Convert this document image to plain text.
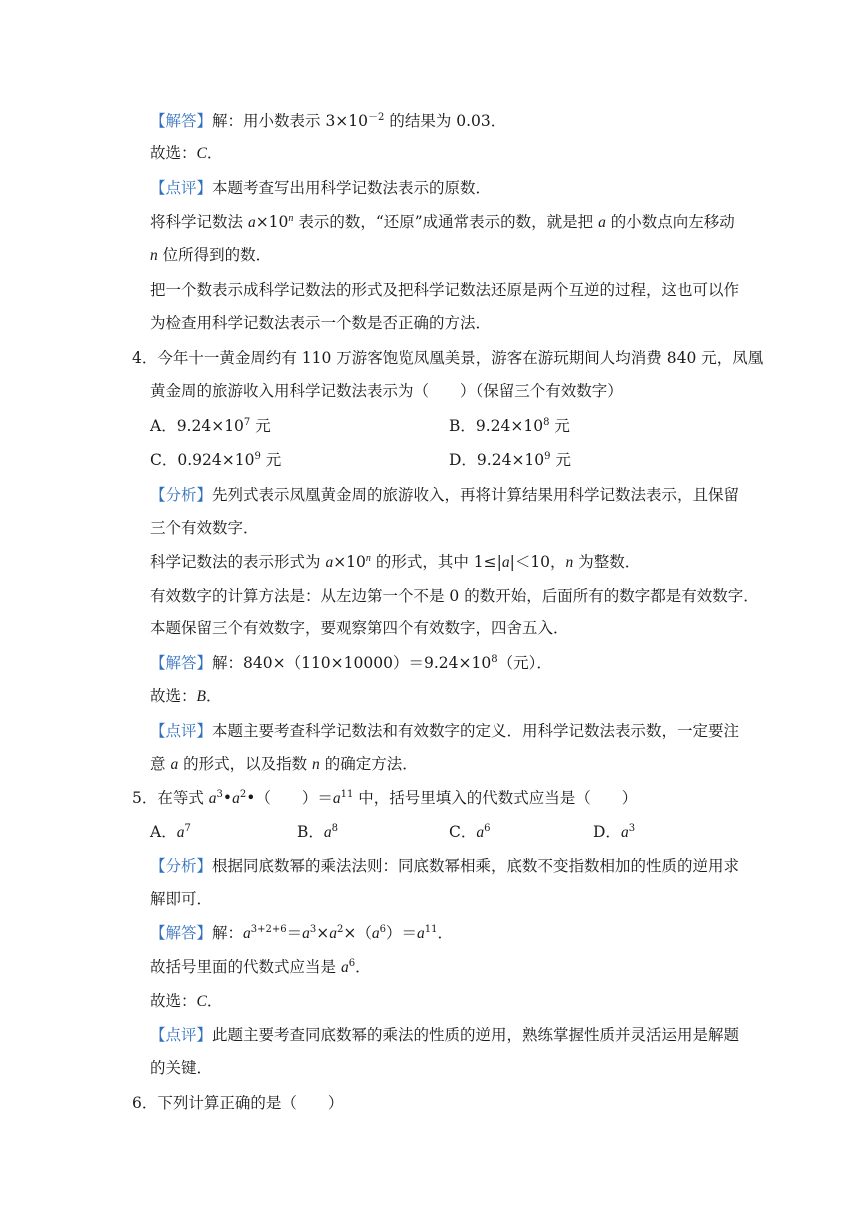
【解答】解：用小数表示 $3\times 10^{-2}$ 的结果为 0.03．
故选：C．
【点评】本题考查写出用科学记数法表示的原数．
将科学记数法 $a\times 10^n$ 表示的数，“还原”成通常表示的数，就是把 a 的小数点向左移动
n 位所得到的数．
把一个数表示成科学记数法的形式及把科学记数法还原是两个互逆的过程，这也可以作
为检查用科学记数法表示一个数是否正确的方法．
4．今年十一黄金周约有 110 万游客饱览凤凰美景，游客在游玩期间人均消费 840 元，凤凰
黄金周的旅游收入用科学记数法表示为（　　）（保留三个有效数字）
A．$9.24\times 10^7$ 元	B．$9.24\times 10^8$ 元
C．$0.924\times 10^9$ 元	D．$9.24\times 10^9$ 元
【分析】先列式表示凤凰黄金周的旅游收入，再将计算结果用科学记数法表示，且保留
三个有效数字．
科学记数法的表示形式为 $a\times 10^n$ 的形式，其中 1≤|a|＜10，n 为整数．
有效数字的计算方法是：从左边第一个不是 0 的数开始，后面所有的数字都是有效数字．
本题保留三个有效数字，要观察第四个有效数字，四舍五入．
【解答】解：$840\times(110\times 10000)=9.24\times 10^8$（元）．
故选：B．
【点评】本题主要考查科学记数法和有效数字的定义．用科学记数法表示数，一定要注
意 a 的形式，以及指数 n 的确定方法．
5．在等式 $a^3•a^2•$（　　）$=a^{11}$ 中，括号里填入的代数式应当是（　　）
A．$a^7$	B．$a^8$	C．$a^6$	D．$a^3$
【分析】根据同底数幂的乘法法则：同底数幂相乘，底数不变指数相加的性质的逆用求
解即可．
【解答】解：$a^{3+2+6}=a^3\times a^2\times(a^6)=a^{11}$．
故括号里面的代数式应当是 $a^6$．
故选：C．
【点评】此题主要考查同底数幂的乘法的性质的逆用，熟练掌握性质并灵活运用是解题
的关键．
6．下列计算正确的是（　　）
